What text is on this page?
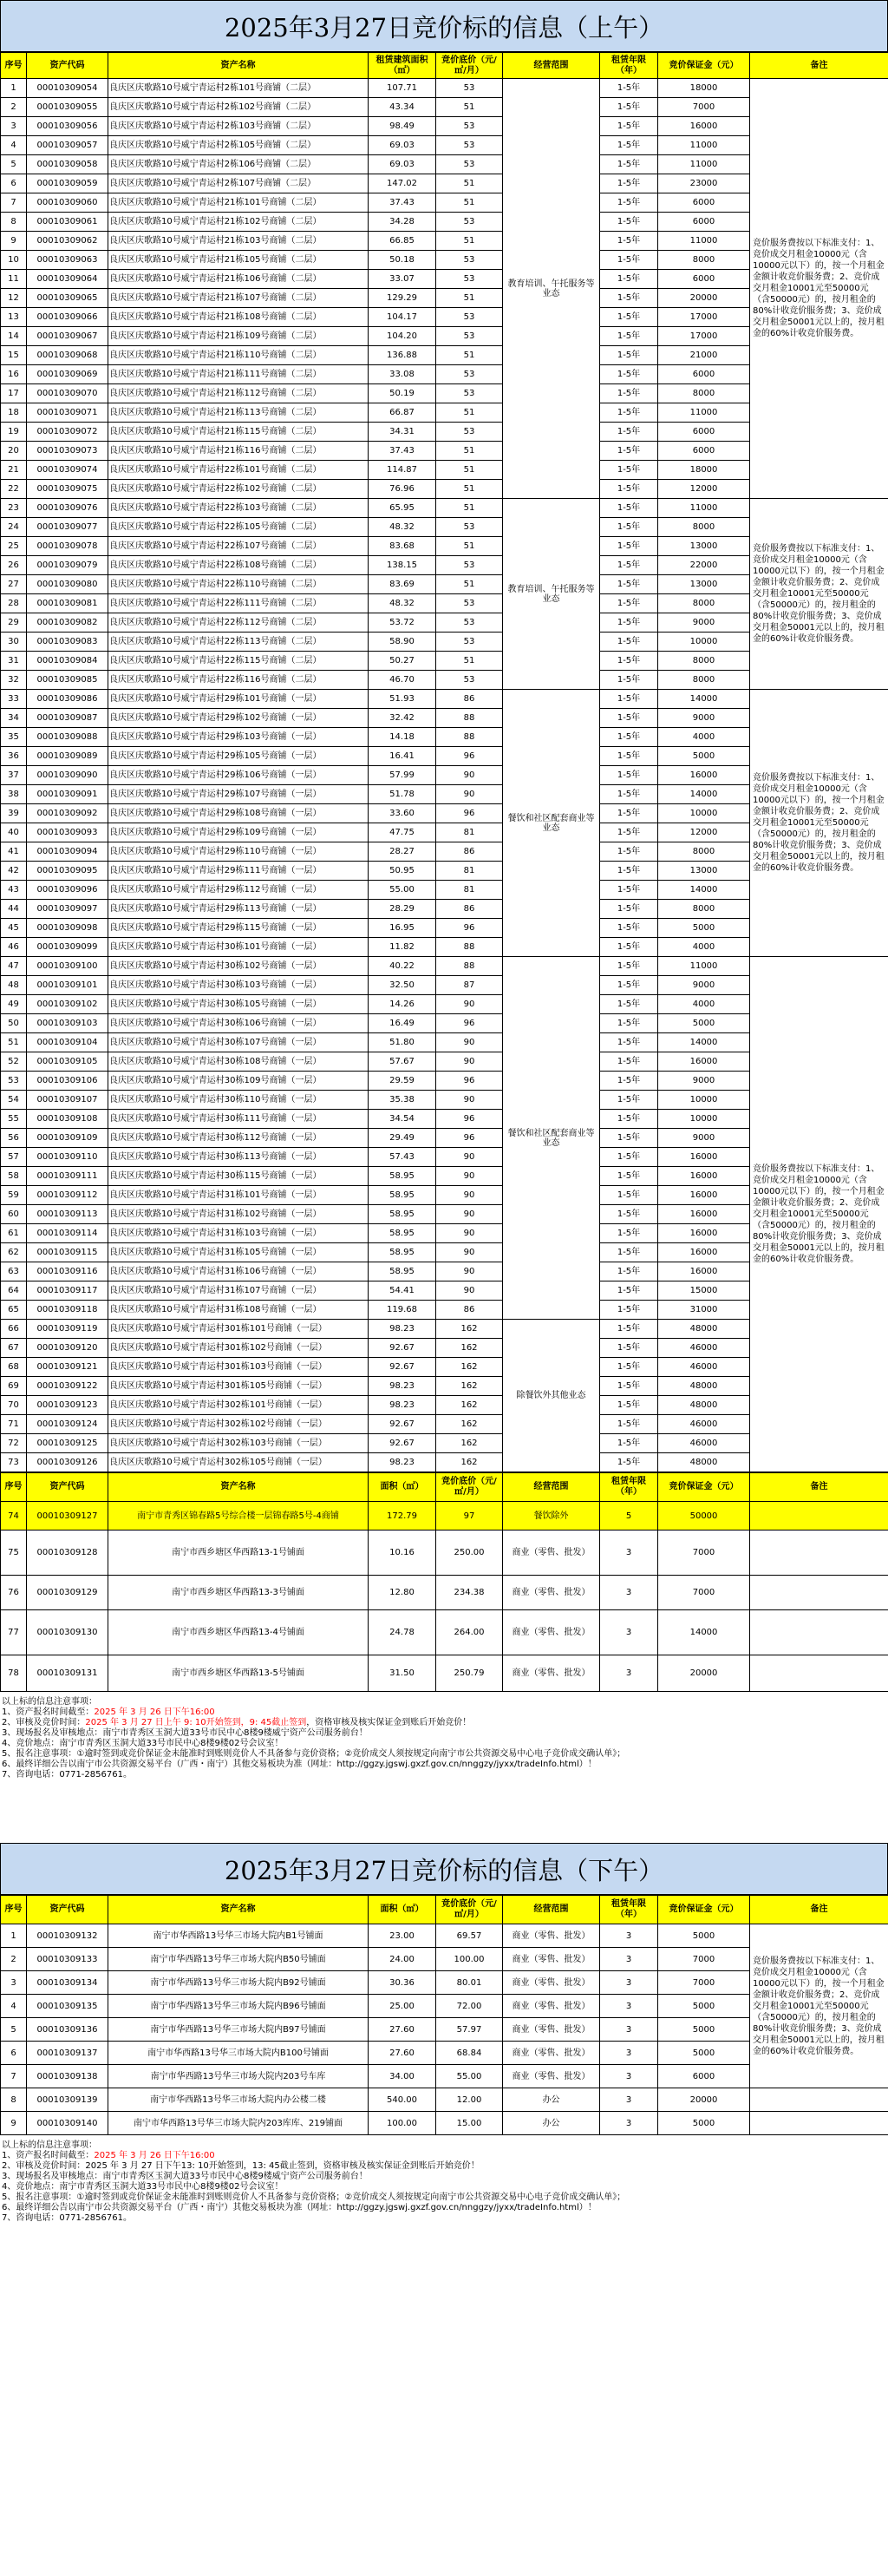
2025年3月27日竞价标的信息（上午）
序号	资产代码	资产名称	租赁建筑面积（㎡）	竞价底价（元/㎡/月）	经营范围	租赁年限（年）	竞价保证金（元）	备注
1	00010309054	良庆区庆歌路10号威宁青运村2栋101号商铺（二层）	107.71	53	教育培训、午托服务等业态	1-5年	18000	竞价服务费按以下标准支付：1、竞价成交月租金10000元（含10000元以下）的，按一个月租金金额计收竞价服务费；2、竞价成交月租金10001元至50000元（含50000元）的，按月租金的80%计收竞价服务费；3、竞价成交月租金50001元以上的，按月租金的60%计收竞价服务费。
2	00010309055	良庆区庆歌路10号威宁青运村2栋102号商铺（二层）	43.34	51		1-5年	7000	
3	00010309056	良庆区庆歌路10号威宁青运村2栋103号商铺（二层）	98.49	53		1-5年	16000	
4	00010309057	良庆区庆歌路10号威宁青运村2栋105号商铺（二层）	69.03	53		1-5年	11000	
5	00010309058	良庆区庆歌路10号威宁青运村2栋106号商铺（二层）	69.03	53		1-5年	11000	
6	00010309059	良庆区庆歌路10号威宁青运村2栋107号商铺（二层）	147.02	51		1-5年	23000	
7	00010309060	良庆区庆歌路10号威宁青运村21栋101号商铺（二层）	37.43	51		1-5年	6000	
8	00010309061	良庆区庆歌路10号威宁青运村21栋102号商铺（二层）	34.28	53		1-5年	6000	
9	00010309062	良庆区庆歌路10号威宁青运村21栋103号商铺（二层）	66.85	51		1-5年	11000	
10	00010309063	良庆区庆歌路10号威宁青运村21栋105号商铺（二层）	50.18	53		1-5年	8000	
11	00010309064	良庆区庆歌路10号威宁青运村21栋106号商铺（二层）	33.07	53		1-5年	6000	
12	00010309065	良庆区庆歌路10号威宁青运村21栋107号商铺（二层）	129.29	51		1-5年	20000	
13	00010309066	良庆区庆歌路10号威宁青运村21栋108号商铺（二层）	104.17	53		1-5年	17000	
14	00010309067	良庆区庆歌路10号威宁青运村21栋109号商铺（二层）	104.20	53		1-5年	17000	
15	00010309068	良庆区庆歌路10号威宁青运村21栋110号商铺（二层）	136.88	51		1-5年	21000	
16	00010309069	良庆区庆歌路10号威宁青运村21栋111号商铺（二层）	33.08	53		1-5年	6000	
17	00010309070	良庆区庆歌路10号威宁青运村21栋112号商铺（二层）	50.19	53		1-5年	8000	
18	00010309071	良庆区庆歌路10号威宁青运村21栋113号商铺（二层）	66.87	51		1-5年	11000	
19	00010309072	良庆区庆歌路10号威宁青运村21栋115号商铺（二层）	34.31	53		1-5年	6000	
20	00010309073	良庆区庆歌路10号威宁青运村21栋116号商铺（二层）	37.43	51		1-5年	6000	
21	00010309074	良庆区庆歌路10号威宁青运村22栋101号商铺（二层）	114.87	51		1-5年	18000	
22	00010309075	良庆区庆歌路10号威宁青运村22栋102号商铺（二层）	76.96	51		1-5年	12000	
23	00010309076	良庆区庆歌路10号威宁青运村22栋103号商铺（二层）	65.95	51	教育培训、午托服务等业态	1-5年	11000	竞价服务费按以下标准支付：1、竞价成交月租金10000元（含10000元以下）的，按一个月租金金额计收竞价服务费；2、竞价成交月租金10001元至50000元（含50000元）的，按月租金的80%计收竞价服务费；3、竞价成交月租金50001元以上的，按月租金的60%计收竞价服务费。
24	00010309077	良庆区庆歌路10号威宁青运村22栋105号商铺（二层）	48.32	53		1-5年	8000	
25	00010309078	良庆区庆歌路10号威宁青运村22栋107号商铺（二层）	83.68	51		1-5年	13000	
26	00010309079	良庆区庆歌路10号威宁青运村22栋108号商铺（二层）	138.15	53		1-5年	22000	
27	00010309080	良庆区庆歌路10号威宁青运村22栋110号商铺（二层）	83.69	51		1-5年	13000	
28	00010309081	良庆区庆歌路10号威宁青运村22栋111号商铺（二层）	48.32	53		1-5年	8000	
29	00010309082	良庆区庆歌路10号威宁青运村22栋112号商铺（二层）	53.72	53		1-5年	9000	
30	00010309083	良庆区庆歌路10号威宁青运村22栋113号商铺（二层）	58.90	53		1-5年	10000	
31	00010309084	良庆区庆歌路10号威宁青运村22栋115号商铺（二层）	50.27	51		1-5年	8000	
32	00010309085	良庆区庆歌路10号威宁青运村22栋116号商铺（二层）	46.70	53		1-5年	8000	
33	00010309086	良庆区庆歌路10号威宁青运村29栋101号商铺（一层）	51.93	86	餐饮和社区配套商业等业态	1-5年	14000	竞价服务费按以下标准支付：1、竞价成交月租金10000元（含10000元以下）的，按一个月租金金额计收竞价服务费；2、竞价成交月租金10001元至50000元（含50000元）的，按月租金的80%计收竞价服务费；3、竞价成交月租金50001元以上的，按月租金的60%计收竞价服务费。
34	00010309087	良庆区庆歌路10号威宁青运村29栋102号商铺（一层）	32.42	88		1-5年	9000	
35	00010309088	良庆区庆歌路10号威宁青运村29栋103号商铺（一层）	14.18	88		1-5年	4000	
36	00010309089	良庆区庆歌路10号威宁青运村29栋105号商铺（一层）	16.41	96		1-5年	5000	
37	00010309090	良庆区庆歌路10号威宁青运村29栋106号商铺（一层）	57.99	90		1-5年	16000	
38	00010309091	良庆区庆歌路10号威宁青运村29栋107号商铺（一层）	51.78	90		1-5年	14000	
39	00010309092	良庆区庆歌路10号威宁青运村29栋108号商铺（一层）	33.60	96		1-5年	10000	
40	00010309093	良庆区庆歌路10号威宁青运村29栋109号商铺（一层）	47.75	81		1-5年	12000	
41	00010309094	良庆区庆歌路10号威宁青运村29栋110号商铺（一层）	28.27	86		1-5年	8000	
42	00010309095	良庆区庆歌路10号威宁青运村29栋111号商铺（一层）	50.95	81		1-5年	13000	
43	00010309096	良庆区庆歌路10号威宁青运村29栋112号商铺（一层）	55.00	81		1-5年	14000	
44	00010309097	良庆区庆歌路10号威宁青运村29栋113号商铺（一层）	28.29	86		1-5年	8000	
45	00010309098	良庆区庆歌路10号威宁青运村29栋115号商铺（一层）	16.95	96		1-5年	5000	
46	00010309099	良庆区庆歌路10号威宁青运村30栋101号商铺（一层）	11.82	88		1-5年	4000	
47	00010309100	良庆区庆歌路10号威宁青运村30栋102号商铺（一层）	40.22	88	餐饮和社区配套商业等业态	1-5年	11000	竞价服务费按以下标准支付：1、竞价成交月租金10000元（含10000元以下）的，按一个月租金金额计收竞价服务费；2、竞价成交月租金10001元至50000元（含50000元）的，按月租金的80%计收竞价服务费；3、竞价成交月租金50001元以上的，按月租金的60%计收竞价服务费。
48	00010309101	良庆区庆歌路10号威宁青运村30栋103号商铺（一层）	32.50	87		1-5年	9000	
49	00010309102	良庆区庆歌路10号威宁青运村30栋105号商铺（一层）	14.26	90		1-5年	4000	
50	00010309103	良庆区庆歌路10号威宁青运村30栋106号商铺（一层）	16.49	96		1-5年	5000	
51	00010309104	良庆区庆歌路10号威宁青运村30栋107号商铺（一层）	51.80	90		1-5年	14000	
52	00010309105	良庆区庆歌路10号威宁青运村30栋108号商铺（一层）	57.67	90		1-5年	16000	
53	00010309106	良庆区庆歌路10号威宁青运村30栋109号商铺（一层）	29.59	96		1-5年	9000	
54	00010309107	良庆区庆歌路10号威宁青运村30栋110号商铺（一层）	35.38	90		1-5年	10000	
55	00010309108	良庆区庆歌路10号威宁青运村30栋111号商铺（一层）	34.54	96		1-5年	10000	
56	00010309109	良庆区庆歌路10号威宁青运村30栋112号商铺（一层）	29.49	96		1-5年	9000	
57	00010309110	良庆区庆歌路10号威宁青运村30栋113号商铺（一层）	57.43	90		1-5年	16000	
58	00010309111	良庆区庆歌路10号威宁青运村30栋115号商铺（一层）	58.95	90		1-5年	16000	
59	00010309112	良庆区庆歌路10号威宁青运村31栋101号商铺（一层）	58.95	90		1-5年	16000	
60	00010309113	良庆区庆歌路10号威宁青运村31栋102号商铺（一层）	58.95	90		1-5年	16000	
61	00010309114	良庆区庆歌路10号威宁青运村31栋103号商铺（一层）	58.95	90		1-5年	16000	
62	00010309115	良庆区庆歌路10号威宁青运村31栋105号商铺（一层）	58.95	90		1-5年	16000	
63	00010309116	良庆区庆歌路10号威宁青运村31栋106号商铺（一层）	58.95	90		1-5年	16000	
64	00010309117	良庆区庆歌路10号威宁青运村31栋107号商铺（一层）	54.41	90		1-5年	15000	
65	00010309118	良庆区庆歌路10号威宁青运村31栋108号商铺（一层）	119.68	86		1-5年	31000	
66	00010309119	良庆区庆歌路10号威宁青运村301栋101号商铺（一层）	98.23	162	除餐饮外其他业态	1-5年	48000	
67	00010309120	良庆区庆歌路10号威宁青运村301栋102号商铺（一层）	92.67	162		1-5年	46000	
68	00010309121	良庆区庆歌路10号威宁青运村301栋103号商铺（一层）	92.67	162		1-5年	46000	
69	00010309122	良庆区庆歌路10号威宁青运村301栋105号商铺（一层）	98.23	162		1-5年	48000	
70	00010309123	良庆区庆歌路10号威宁青运村302栋101号商铺（一层）	98.23	162		1-5年	48000	
71	00010309124	良庆区庆歌路10号威宁青运村302栋102号商铺（一层）	92.67	162		1-5年	46000	
72	00010309125	良庆区庆歌路10号威宁青运村302栋103号商铺（一层）	92.67	162		1-5年	46000	
73	00010309126	良庆区庆歌路10号威宁青运村302栋105号商铺（一层）	98.23	162		1-5年	48000	
序号	资产代码	资产名称	面积（㎡）	竞价底价（元/㎡/月）	经营范围	租赁年限（年）	竞价保证金（元）	备注
74	00010309127	南宁市青秀区锦春路5号综合楼一层锦春路5号-4商铺	172.79	97	餐饮除外	5	50000	
75	00010309128	南宁市西乡塘区华西路13-1号铺面	10.16	250.00	商业（零售、批发）	3	7000	
76	00010309129	南宁市西乡塘区华西路13-3号铺面	12.80	234.38	商业（零售、批发）	3	7000	
77	00010309130	南宁市西乡塘区华西路13-4号铺面	24.78	264.00	商业（零售、批发）	3	14000	
78	00010309131	南宁市西乡塘区华西路13-5号铺面	31.50	250.79	商业（零售、批发）	3	20000	
以上标的信息注意事项：
1、资产报名时间截至：2025 年 3 月 26 日下午16:00
2、审核及竞价时间：2025 年 3 月 27 日上午 9: 10开始签到，9: 45截止签到，资格审核及核实保证金到账后开始竞价！
3、现场报名及审核地点：南宁市青秀区玉洞大道33号市民中心8楼9楼威宁资产公司服务前台！
4、竞价地点：南宁市青秀区玉洞大道33号市民中心8楼9楼02号会议室！
5、报名注意事项：①逾时签到或竞价保证金未能准时到账则竞价人不具备参与竞价资格；②竞价成交人须按规定向南宁市公共资源交易中心电子竞价成交确认单》；
6、最终详细公告以南宁市公共资源交易平台（广西・南宁）其他交易板块为准（网址：http://ggzy.jgswj.gxzf.gov.cn/nnggzy/jyxx/tradeInfo.html）！
7、咨询电话：0771-2856761。
2025年3月27日竞价标的信息（下午）
序号	资产代码	资产名称	面积（㎡）	竞价底价（元/㎡/月）	经营范围	租赁年限（年）	竞价保证金（元）	备注
1	00010309132	南宁市华西路13号华三市场大院内B1号铺面	23.00	69.57	商业（零售、批发）	3	5000	竞价服务费按以下标准支付：1、竞价成交月租金10000元（含10000元以下）的，按一个月租金金额计收竞价服务费；2、竞价成交月租金10001元至50000元（含50000元）的，按月租金的80%计收竞价服务费；3、竞价成交月租金50001元以上的，按月租金的60%计收竞价服务费。
2	00010309133	南宁市华西路13号华三市场大院内B50号铺面	24.00	100.00	商业（零售、批发）	3	7000	
3	00010309134	南宁市华西路13号华三市场大院内B92号铺面	30.36	80.01	商业（零售、批发）	3	7000	
4	00010309135	南宁市华西路13号华三市场大院内B96号铺面	25.00	72.00	商业（零售、批发）	3	5000	
5	00010309136	南宁市华西路13号华三市场大院内B97号铺面	27.60	57.97	商业（零售、批发）	3	5000	
6	00010309137	南宁市华西路13号华三市场大院内B100号铺面	27.60	68.84	商业（零售、批发）	3	5000	
7	00010309138	南宁市华西路13号华三市场大院内203号车库	34.00	55.00	商业（零售、批发）	3	6000	
8	00010309139	南宁市华西路13号华三市场大院内办公楼二楼	540.00	12.00	办公	3	20000	
9	00010309140	南宁市华西路13号华三市场大院内203库库、219铺面	100.00	15.00	办公	3	5000	
以上标的信息注意事项：
1、资产报名时间截至：2025 年 3 月 26 日下午16:00
2、审核及竞价时间：2025 年 3 月 27 日下午13: 10开始签到，13: 45截止签到，资格审核及核实保证金到账后开始竞价！
3、现场报名及审核地点：南宁市青秀区玉洞大道33号市民中心8楼9楼威宁资产公司服务前台！
4、竞价地点：南宁市青秀区玉洞大道33号市民中心8楼9楼02号会议室！
5、报名注意事项：①逾时签到或竞价保证金未能准时到账则竞价人不具备参与竞价资格；②竞价成交人须按规定向南宁市公共资源交易中心电子竞价成交确认单》；
6、最终详细公告以南宁市公共资源交易平台（广西・南宁）其他交易板块为准（网址：http://ggzy.jgswj.gxzf.gov.cn/nnggzy/jyxx/tradeInfo.html）！
7、咨询电话：0771-2856761。
